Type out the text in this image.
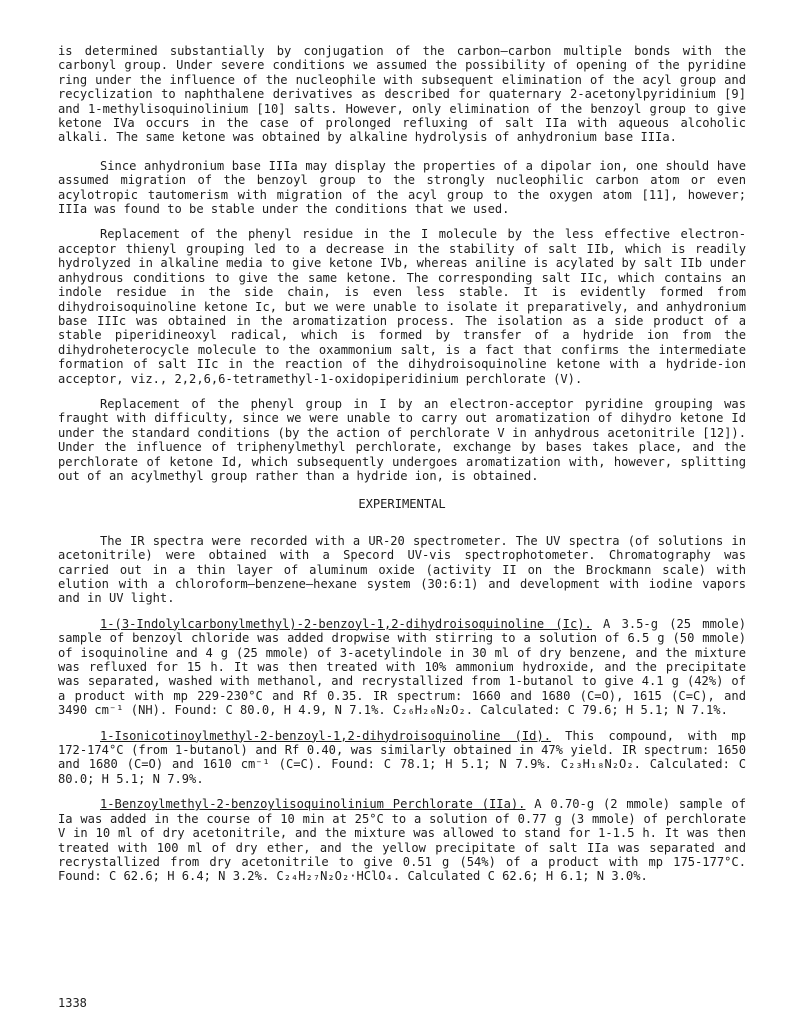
is determined substantially by conjugation of the carbon—carbon multiple bonds with the carbonyl group. Under severe conditions we assumed the possibility of opening of the pyridine ring under the influence of the nucleophile with subsequent elimination of the acyl group and recyclization to naphthalene derivatives as described for quaternary 2-acetonylpyridinium [9] and 1-methylisoquinolinium [10] salts. However, only elimination of the benzoyl group to give ketone IVa occurs in the case of prolonged refluxing of salt IIa with aqueous alcoholic alkali. The same ketone was obtained by alkaline hydrolysis of anhydronium base IIIa.

Since anhydronium base IIIa may display the properties of a dipolar ion, one should have assumed migration of the benzoyl group to the strongly nucleophilic carbon atom or even acylotropic tautomerism with migration of the acyl group to the oxygen atom [11], however; IIIa was found to be stable under the conditions that we used.

Replacement of the phenyl residue in the I molecule by the less effective electron-acceptor thienyl grouping led to a decrease in the stability of salt IIb, which is readily hydrolyzed in alkaline media to give ketone IVb, whereas aniline is acylated by salt IIb under anhydrous conditions to give the same ketone. The corresponding salt IIc, which contains an indole residue in the side chain, is even less stable. It is evidently formed from dihydroisoquinoline ketone Ic, but we were unable to isolate it preparatively, and anhydronium base IIIc was obtained in the aromatization process. The isolation as a side product of a stable piperidineoxyl radical, which is formed by transfer of a hydride ion from the dihydroheterocycle molecule to the oxammonium salt, is a fact that confirms the intermediate formation of salt IIc in the reaction of the dihydroisoquinoline ketone with a hydride-ion acceptor, viz., 2,2,6,6-tetramethyl-1-oxidopiperidinium perchlorate (V).

Replacement of the phenyl group in I by an electron-acceptor pyridine grouping was fraught with difficulty, since we were unable to carry out aromatization of dihydro ketone Id under the standard conditions (by the action of perchlorate V in anhydrous acetonitrile [12]). Under the influence of triphenylmethyl perchlorate, exchange by bases takes place, and the perchlorate of ketone Id, which subsequently undergoes aromatization with, however, splitting out of an acylmethyl group rather than a hydride ion, is obtained.

EXPERIMENTAL

The IR spectra were recorded with a UR-20 spectrometer. The UV spectra (of solutions in acetonitrile) were obtained with a Specord UV-vis spectrophotometer. Chromatography was carried out in a thin layer of aluminum oxide (activity II on the Brockmann scale) with elution with a chloroform—benzene—hexane system (30:6:1) and development with iodine vapors and in UV light.

1-(3-Indolylcarbonylmethyl)-2-benzoyl-1,2-dihydroisoquinoline (Ic). A 3.5-g (25 mmole) sample of benzoyl chloride was added dropwise with stirring to a solution of 6.5 g (50 mmole) of isoquinoline and 4 g (25 mmole) of 3-acetylindole in 30 ml of dry benzene, and the mixture was refluxed for 15 h. It was then treated with 10% ammonium hydroxide, and the precipitate was separated, washed with methanol, and recrystallized from 1-butanol to give 4.1 g (42%) of a product with mp 229-230°C and Rf 0.35. IR spectrum: 1660 and 1680 (C=O), 1615 (C=C), and 3490 cm⁻¹ (NH). Found: C 80.0, H 4.9, N 7.1%. C₂₆H₂₀N₂O₂. Calculated: C 79.6; H 5.1; N 7.1%.

1-Isonicotinoylmethyl-2-benzoyl-1,2-dihydroisoquinoline (Id). This compound, with mp 172-174°C (from 1-butanol) and Rf 0.40, was similarly obtained in 47% yield. IR spectrum: 1650 and 1680 (C=O) and 1610 cm⁻¹ (C=C). Found: C 78.1; H 5.1; N 7.9%. C₂₃H₁₈N₂O₂. Calculated: C 80.0; H 5.1; N 7.9%.

1-Benzoylmethyl-2-benzoylisoquinolinium Perchlorate (IIa). A 0.70-g (2 mmole) sample of Ia was added in the course of 10 min at 25°C to a solution of 0.77 g (3 mmole) of perchlorate V in 10 ml of dry acetonitrile, and the mixture was allowed to stand for 1-1.5 h. It was then treated with 100 ml of dry ether, and the yellow precipitate of salt IIa was separated and recrystallized from dry acetonitrile to give 0.51 g (54%) of a product with mp 175-177°C. Found: C 62.6; H 6.4; N 3.2%. C₂₄H₂₇N₂O₂·HClO₄. Calculated C 62.6; H 6.1; N 3.0%.

1338
